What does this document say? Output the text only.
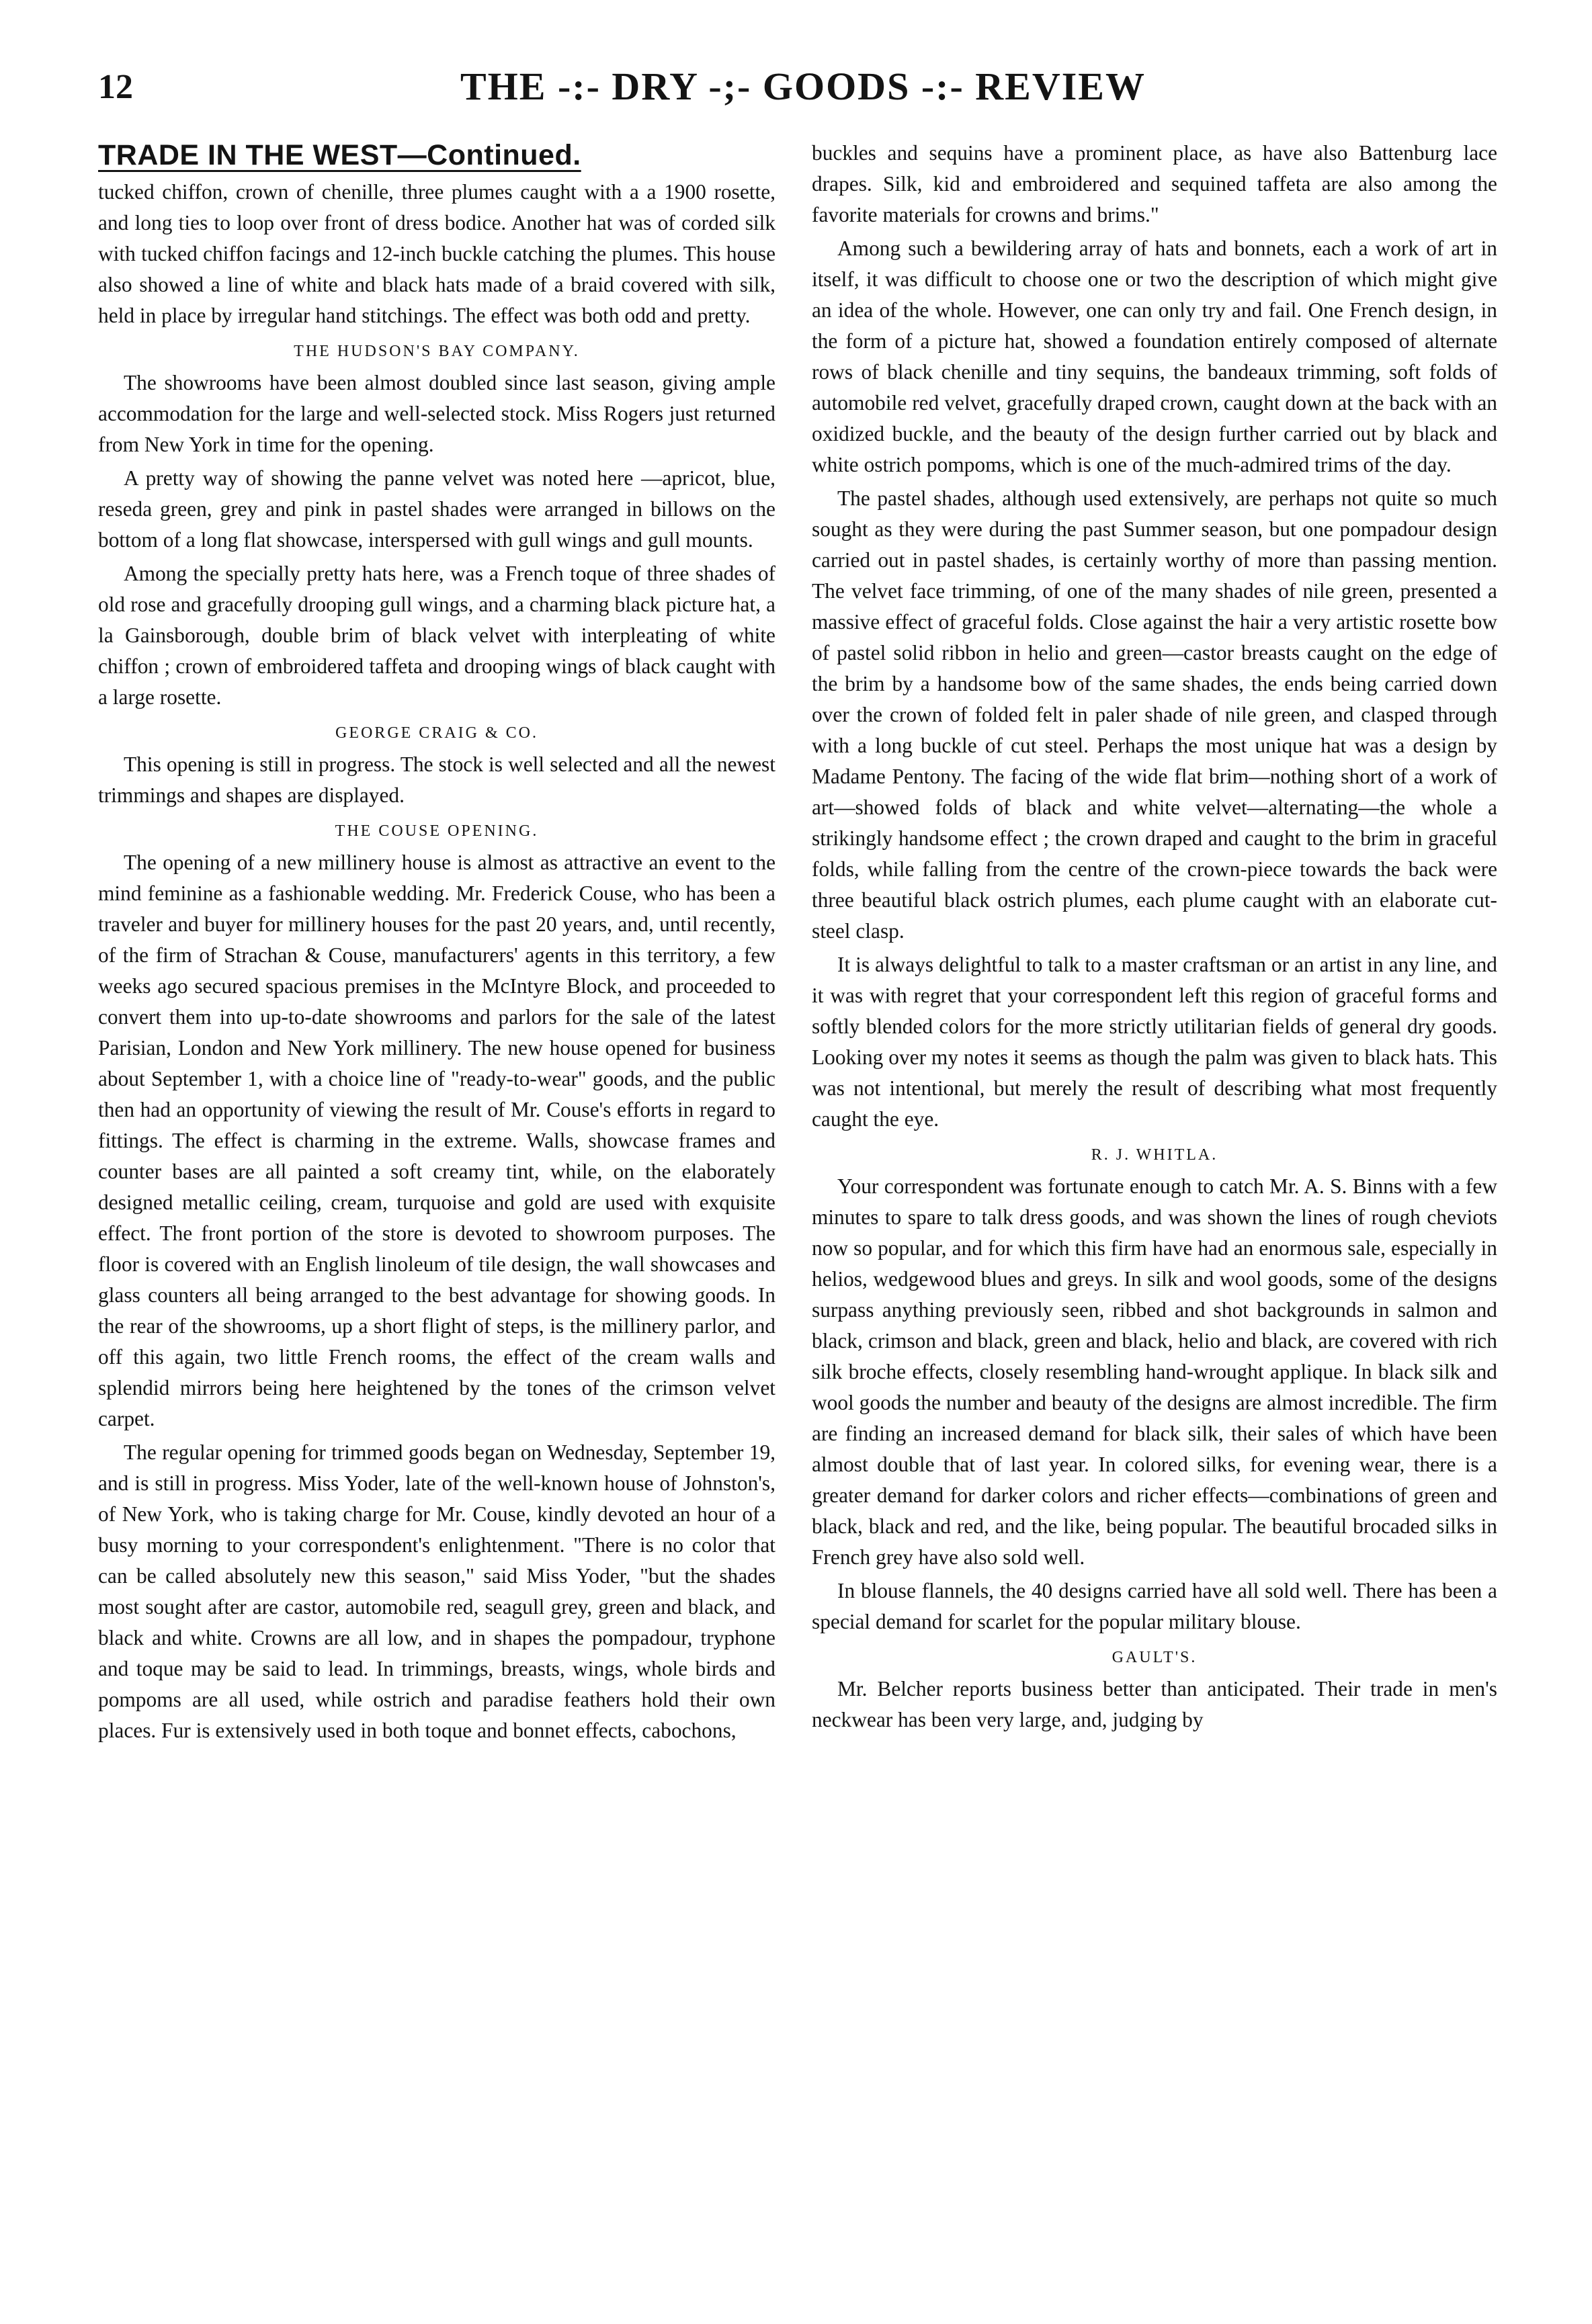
12	THE -:- DRY -;- GOODS -:- REVIEW
TRADE IN THE WEST—Continued.

tucked chiffon, crown of chenille, three plumes caught with a a 1900 rosette, and long ties to loop over front of dress bodice. Another hat was of corded silk with tucked chiffon facings and 12-inch buckle catching the plumes. This house also showed a line of white and black hats made of a braid covered with silk, held in place by irregular hand stitchings. The effect was both odd and pretty.

THE HUDSON'S BAY COMPANY.

The showrooms have been almost doubled since last season, giving ample accommodation for the large and well-selected stock. Miss Rogers just returned from New York in time for the opening.

A pretty way of showing the panne velvet was noted here —apricot, blue, reseda green, grey and pink in pastel shades were arranged in billows on the bottom of a long flat showcase, interspersed with gull wings and gull mounts.

Among the specially pretty hats here, was a French toque of three shades of old rose and gracefully drooping gull wings, and a charming black picture hat, a la Gainsborough, double brim of black velvet with interpleating of white chiffon ; crown of embroidered taffeta and drooping wings of black caught with a large rosette.

GEORGE CRAIG & CO.

This opening is still in progress. The stock is well selected and all the newest trimmings and shapes are displayed.

THE COUSE OPENING.

The opening of a new millinery house is almost as attractive an event to the mind feminine as a fashionable wedding. Mr. Frederick Couse, who has been a traveler and buyer for millinery houses for the past 20 years, and, until recently, of the firm of Strachan & Couse, manufacturers' agents in this territory, a few weeks ago secured spacious premises in the McIntyre Block, and proceeded to convert them into up-to-date showrooms and parlors for the sale of the latest Parisian, London and New York millinery. The new house opened for business about September 1, with a choice line of "ready-to-wear" goods, and the public then had an opportunity of viewing the result of Mr. Couse's efforts in regard to fittings. The effect is charming in the extreme. Walls, showcase frames and counter bases are all painted a soft creamy tint, while, on the elaborately designed metallic ceiling, cream, turquoise and gold are used with exquisite effect. The front portion of the store is devoted to showroom purposes. The floor is covered with an English linoleum of tile design, the wall showcases and glass counters all being arranged to the best advantage for showing goods. In the rear of the showrooms, up a short flight of steps, is the millinery parlor, and off this again, two little French rooms, the effect of the cream walls and splendid mirrors being here heightened by the tones of the crimson velvet carpet.

The regular opening for trimmed goods began on Wednesday, September 19, and is still in progress. Miss Yoder, late of the well-known house of Johnston's, of New York, who is taking charge for Mr. Couse, kindly devoted an hour of a busy morning to your correspondent's enlightenment. "There is no color that can be called absolutely new this season," said Miss Yoder, "but the shades most sought after are castor, automobile red, seagull grey, green and black, and black and white. Crowns are all low, and in shapes the pompadour, tryphone and toque may be said to lead. In trimmings, breasts, wings, whole birds and pompoms are all used, while ostrich and paradise feathers hold their own places. Fur is extensively used in both toque and bonnet effects, cabochons,

buckles and sequins have a prominent place, as have also Battenburg lace drapes. Silk, kid and embroidered and sequined taffeta are also among the favorite materials for crowns and brims."

Among such a bewildering array of hats and bonnets, each a work of art in itself, it was difficult to choose one or two the description of which might give an idea of the whole. However, one can only try and fail. One French design, in the form of a picture hat, showed a foundation entirely composed of alternate rows of black chenille and tiny sequins, the bandeaux trimming, soft folds of automobile red velvet, gracefully draped crown, caught down at the back with an oxidized buckle, and the beauty of the design further carried out by black and white ostrich pompoms, which is one of the much-admired trims of the day.

The pastel shades, although used extensively, are perhaps not quite so much sought as they were during the past Summer season, but one pompadour design carried out in pastel shades, is certainly worthy of more than passing mention. The velvet face trimming, of one of the many shades of nile green, presented a massive effect of graceful folds. Close against the hair a very artistic rosette bow of pastel solid ribbon in helio and green—castor breasts caught on the edge of the brim by a handsome bow of the same shades, the ends being carried down over the crown of folded felt in paler shade of nile green, and clasped through with a long buckle of cut steel. Perhaps the most unique hat was a design by Madame Pentony. The facing of the wide flat brim—nothing short of a work of art—showed folds of black and white velvet—alternating—the whole a strikingly handsome effect ; the crown draped and caught to the brim in graceful folds, while falling from the centre of the crown-piece towards the back were three beautiful black ostrich plumes, each plume caught with an elaborate cut-steel clasp.

It is always delightful to talk to a master craftsman or an artist in any line, and it was with regret that your correspondent left this region of graceful forms and softly blended colors for the more strictly utilitarian fields of general dry goods. Looking over my notes it seems as though the palm was given to black hats. This was not intentional, but merely the result of describing what most frequently caught the eye.

R. J. WHITLA.

Your correspondent was fortunate enough to catch Mr. A. S. Binns with a few minutes to spare to talk dress goods, and was shown the lines of rough cheviots now so popular, and for which this firm have had an enormous sale, especially in helios, wedgewood blues and greys. In silk and wool goods, some of the designs surpass anything previously seen, ribbed and shot backgrounds in salmon and black, crimson and black, green and black, helio and black, are covered with rich silk broche effects, closely resembling hand-wrought applique. In black silk and wool goods the number and beauty of the designs are almost incredible. The firm are finding an increased demand for black silk, their sales of which have been almost double that of last year. In colored silks, for evening wear, there is a greater demand for darker colors and richer effects—combinations of green and black, black and red, and the like, being popular. The beautiful brocaded silks in French grey have also sold well.

In blouse flannels, the 40 designs carried have all sold well. There has been a special demand for scarlet for the popular military blouse.

GAULT'S.

Mr. Belcher reports business better than anticipated. Their trade in men's neckwear has been very large, and, judging by
